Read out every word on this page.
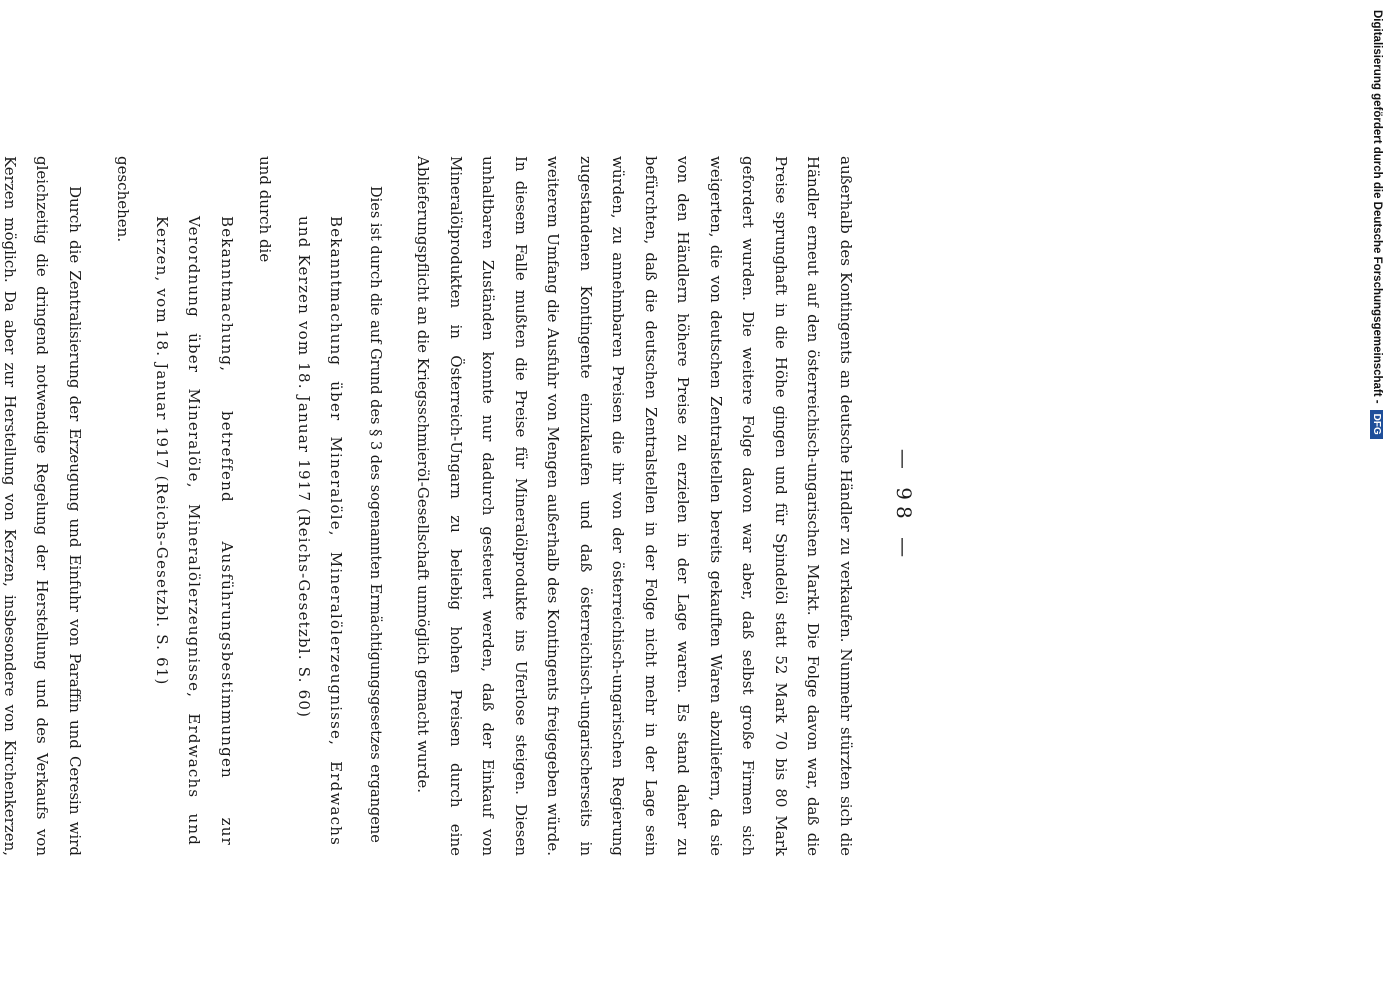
— 98 —

außerhalb des Kontingents an deutsche Händler zu verkaufen. Nunmehr stürzten sich die Händler erneut auf den österreichisch-ungarischen Markt. Die Folge davon war, daß die Preise sprunghaft in die Höhe gingen und für Spindelöl statt 52 Mark 70 bis 80 Mark gefordert wurden. Die weitere Folge davon war aber, daß selbst große Firmen sich weigerten, die von deutschen Zentralstellen bereits gekauften Waren abzuliefern, da sie von den Händlern höhere Preise zu erzielen in der Lage waren. Es stand daher zu befürchten, daß die deutschen Zentralstellen in der Folge nicht mehr in der Lage sein würden, zu annehmbaren Preisen die ihr von der österreichisch-ungarischen Regierung zugestandenen Kontingente einzukaufen und daß österreichisch-ungarischerseits in weiterem Umfang die Ausfuhr von Mengen außerhalb des Kontingents freigegeben würde. In diesem Falle mußten die Preise für Mineralölprodukte ins Uferlose steigen. Diesen unhaltbaren Zuständen konnte nur dadurch gesteuert werden, daß der Einkauf von Mineralölprodukten in Österreich-Ungarn zu beliebig hohen Preisen durch eine Ablieferungspflicht an die Kriegsschmieröl-Gesellschaft unmöglich gemacht wurde.

Dies ist durch die auf Grund des § 3 des sogenannten Ermächtigungsgesetzes ergangene

Bekanntmachung über Mineralöle, Mineralölerzeugnisse, Erdwachs und Kerzen vom 18. Januar 1917 (Reichs-Gesetzbl. S. 60)

und durch die

Bekanntmachung, betreffend Ausführungsbestimmungen zur Verordnung über Mineralöle, Mineralölerzeugnisse, Erdwachs und Kerzen, vom 18. Januar 1917 (Reichs-Gesetzbl. S. 61)

geschehen.

Durch die Zentralisierung der Erzeugung und Einfuhr von Paraffin und Ceresin wird gleichzeitig die dringend notwendige Regelung der Herstellung und des Verkaufs von Kerzen möglich. Da aber zur Herstellung von Kerzen, insbesondere von Kirchenkerzen,

Digitalisierung gefördert durch die Deutsche Forschungsgemeinschaft -DFG
